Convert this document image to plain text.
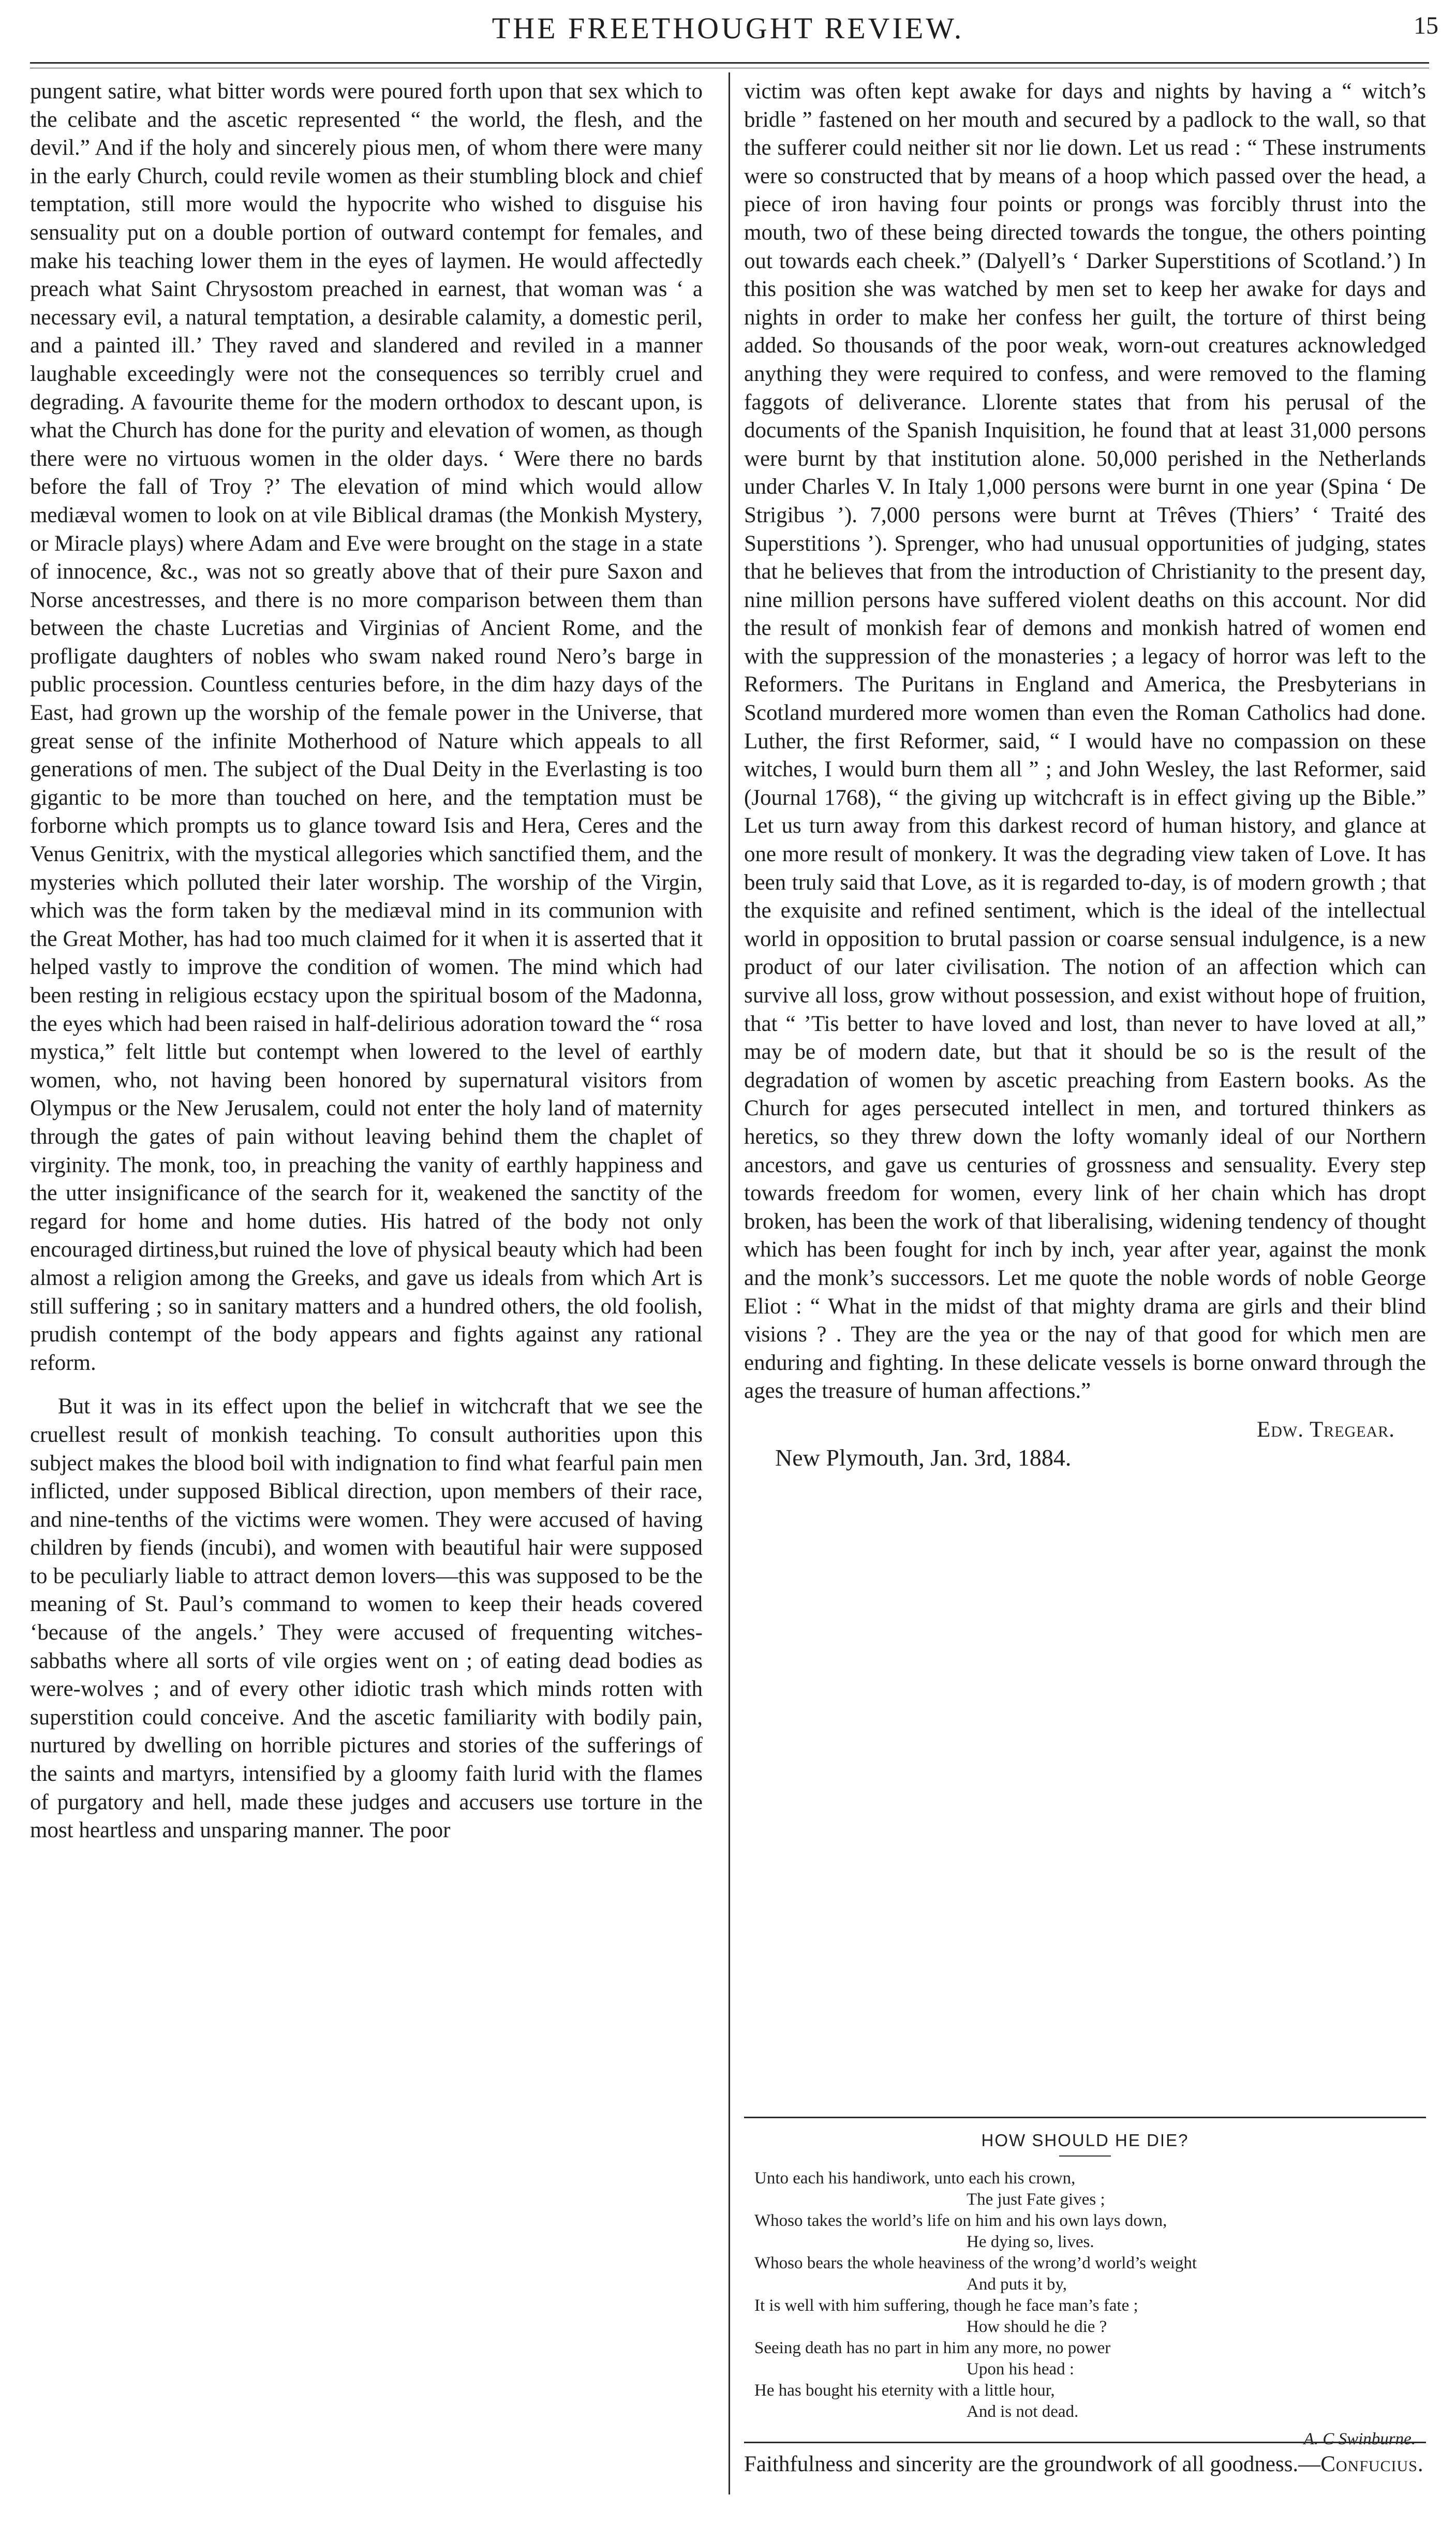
THE FREETHOUGHT REVIEW.	15

pungent satire, what bitter words were poured forth upon that sex which to the celibate and the ascetic represented “ the world, the flesh, and the devil.” And if the holy and sincerely pious men, of whom there were many in the early Church, could revile women as their stumbling block and chief temptation, still more would the hypocrite who wished to disguise his sensuality put on a double portion of outward contempt for females, and make his teaching lower them in the eyes of laymen. He would affectedly preach what Saint Chrysostom preached in earnest, that woman was ‘ a necessary evil, a natural temptation, a desirable calamity, a domestic peril, and a painted ill.’ They raved and slandered and reviled in a manner laughable exceedingly were not the consequences so terribly cruel and degrading. A favourite theme for the modern orthodox to descant upon, is what the Church has done for the purity and elevation of women, as though there were no virtuous women in the older days. ‘ Were there no bards before the fall of Troy ?’ The elevation of mind which would allow mediæval women to look on at vile Biblical dramas (the Monkish Mystery, or Miracle plays) where Adam and Eve were brought on the stage in a state of innocence, &c., was not so greatly above that of their pure Saxon and Norse ancestresses, and there is no more comparison between them than between the chaste Lucretias and Virginias of Ancient Rome, and the profligate daughters of nobles who swam naked round Nero’s barge in public procession. Countless centuries before, in the dim hazy days of the East, had grown up the worship of the female power in the Universe, that great sense of the infinite Motherhood of Nature which appeals to all generations of men. The subject of the Dual Deity in the Everlasting is too gigantic to be more than touched on here, and the temptation must be forborne which prompts us to glance toward Isis and Hera, Ceres and the Venus Genitrix, with the mystical allegories which sanctified them, and the mysteries which polluted their later worship. The worship of the Virgin, which was the form taken by the mediæval mind in its communion with the Great Mother, has had too much claimed for it when it is asserted that it helped vastly to improve the condition of women. The mind which had been resting in religious ecstacy upon the spiritual bosom of the Madonna, the eyes which had been raised in half-delirious adoration toward the “ rosa mystica,” felt little but contempt when lowered to the level of earthly women, who, not having been honored by supernatural visitors from Olympus or the New Jerusalem, could not enter the holy land of maternity through the gates of pain without leaving behind them the chaplet of virginity. The monk, too, in preaching the vanity of earthly happiness and the utter insignificance of the search for it, weakened the sanctity of the regard for home and home duties. His hatred of the body not only encouraged dirtiness,but ruined the love of physical beauty which had been almost a religion among the Greeks, and gave us ideals from which Art is still suffering ; so in sanitary matters and a hundred others, the old foolish, prudish contempt of the body appears and fights against any rational reform.

But it was in its effect upon the belief in witchcraft that we see the cruellest result of monkish teaching. To consult authorities upon this subject makes the blood boil with indignation to find what fearful pain men inflicted, under supposed Biblical direction, upon members of their race, and nine-tenths of the victims were women. They were accused of having children by fiends (incubi), and women with beautiful hair were supposed to be peculiarly liable to attract demon lovers—this was supposed to be the meaning of St. Paul’s command to women to keep their heads covered ‘because of the angels.’ They were accused of frequenting witches-sabbaths where all sorts of vile orgies went on ; of eating dead bodies as were-wolves ; and of every other idiotic trash which minds rotten with superstition could conceive. And the ascetic familiarity with bodily pain, nurtured by dwelling on horrible pictures and stories of the sufferings of the saints and martyrs, intensified by a gloomy faith lurid with the flames of purgatory and hell, made these judges and accusers use torture in the most heartless and unsparing manner. The poor

victim was often kept awake for days and nights by having a “ witch’s bridle ” fastened on her mouth and secured by a padlock to the wall, so that the sufferer could neither sit nor lie down. Let us read : “ These instruments were so constructed that by means of a hoop which passed over the head, a piece of iron having four points or prongs was forcibly thrust into the mouth, two of these being directed towards the tongue, the others pointing out towards each cheek.” (Dalyell’s ‘ Darker Superstitions of Scotland.’) In this position she was watched by men set to keep her awake for days and nights in order to make her confess her guilt, the torture of thirst being added. So thousands of the poor weak, worn-out creatures acknowledged anything they were required to confess, and were removed to the flaming faggots of deliverance. Llorente states that from his perusal of the documents of the Spanish Inquisition, he found that at least 31,000 persons were burnt by that institution alone. 50,000 perished in the Netherlands under Charles V. In Italy 1,000 persons were burnt in one year (Spina ‘ De Strigibus ’). 7,000 persons were burnt at Trêves (Thiers’ ‘ Traité des Superstitions ’). Sprenger, who had unusual opportunities of judging, states that he believes that from the introduction of Christianity to the present day, nine million persons have suffered violent deaths on this account. Nor did the result of monkish fear of demons and monkish hatred of women end with the suppression of the monasteries ; a legacy of horror was left to the Reformers. The Puritans in England and America, the Presbyterians in Scotland murdered more women than even the Roman Catholics had done. Luther, the first Reformer, said, “ I would have no compassion on these witches, I would burn them all ” ; and John Wesley, the last Reformer, said (Journal 1768), “ the giving up witchcraft is in effect giving up the Bible.” Let us turn away from this darkest record of human history, and glance at one more result of monkery. It was the degrading view taken of Love. It has been truly said that Love, as it is regarded to-day, is of modern growth ; that the exquisite and refined sentiment, which is the ideal of the intellectual world in opposition to brutal passion or coarse sensual indulgence, is a new product of our later civilisation. The notion of an affection which can survive all loss, grow without possession, and exist without hope of fruition, that “ ’Tis better to have loved and lost, than never to have loved at all,” may be of modern date, but that it should be so is the result of the degradation of women by ascetic preaching from Eastern books. As the Church for ages persecuted intellect in men, and tortured thinkers as heretics, so they threw down the lofty womanly ideal of our Northern ancestors, and gave us centuries of grossness and sensuality. Every step towards freedom for women, every link of her chain which has dropt broken, has been the work of that liberalising, widening tendency of thought which has been fought for inch by inch, year after year, against the monk and the monk’s successors. Let me quote the noble words of noble George Eliot : “ What in the midst of that mighty drama are girls and their blind visions ? . They are the yea or the nay of that good for which men are enduring and fighting. In these delicate vessels is borne onward through the ages the treasure of human affections.”

Edw. Tregear.
New Plymouth, Jan. 3rd, 1884.
HOW SHOULD HE DIE?
Unto each his handiwork, unto each his crown,
The just Fate gives ;
Whoso takes the world’s life on him and his own lays down,
He dying so, lives.
Whoso bears the whole heaviness of the wrong’d world’s weight
And puts it by,
It is well with him suffering, though he face man’s fate ;
How should he die ?
Seeing death has no part in him any more, no power
Upon his head :
He has bought his eternity with a little hour,
And is not dead.
A. C Swinburne.
Faithfulness and sincerity are the groundwork of all goodness.—Confucius.
